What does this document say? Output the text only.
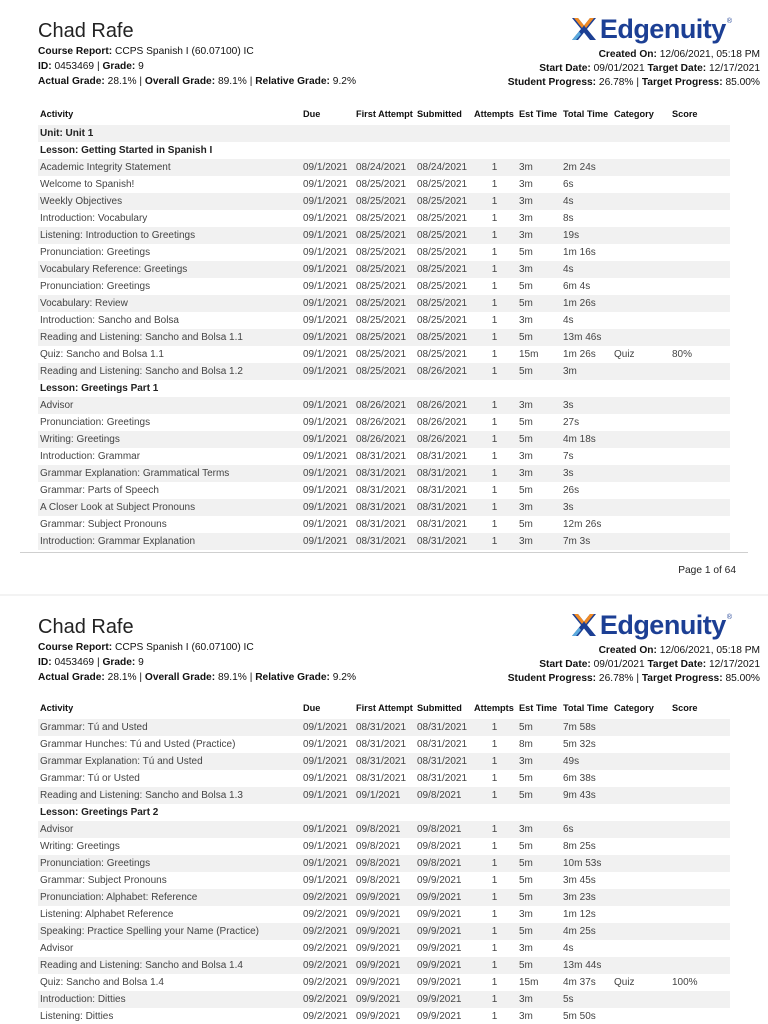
Chad Rafe
Course Report: CCPS Spanish I (60.07100) IC
ID: 0453469 | Grade: 9
Actual Grade: 28.1% | Overall Grade: 89.1% | Relative Grade: 9.2%
Edgenuity ®
Created On: 12/06/2021, 05:18 PM
Start Date: 09/01/2021 Target Date: 12/17/2021
Student Progress: 26.78% | Target Progress: 85.00%
Activity	Due	First Attempt	Submitted	Attempts	Est Time	Total Time	Category	Score
Unit: Unit 1								
Lesson: Getting Started in Spanish I								
Academic Integrity Statement	09/1/2021	08/24/2021	08/24/2021	1	3m	2m 24s		
Welcome to Spanish!	09/1/2021	08/25/2021	08/25/2021	1	3m	6s		
Weekly Objectives	09/1/2021	08/25/2021	08/25/2021	1	3m	4s		
Introduction: Vocabulary	09/1/2021	08/25/2021	08/25/2021	1	3m	8s		
Listening: Introduction to Greetings	09/1/2021	08/25/2021	08/25/2021	1	3m	19s		
Pronunciation: Greetings	09/1/2021	08/25/2021	08/25/2021	1	5m	1m 16s		
Vocabulary Reference: Greetings	09/1/2021	08/25/2021	08/25/2021	1	3m	4s		
Pronunciation: Greetings	09/1/2021	08/25/2021	08/25/2021	1	5m	6m 4s		
Vocabulary: Review	09/1/2021	08/25/2021	08/25/2021	1	5m	1m 26s		
Introduction: Sancho and Bolsa	09/1/2021	08/25/2021	08/25/2021	1	3m	4s		
Reading and Listening: Sancho and Bolsa 1.1	09/1/2021	08/25/2021	08/25/2021	1	5m	13m 46s		
Quiz: Sancho and Bolsa 1.1	09/1/2021	08/25/2021	08/25/2021	1	15m	1m 26s	Quiz	80%
Reading and Listening: Sancho and Bolsa 1.2	09/1/2021	08/25/2021	08/26/2021	1	5m	3m		
Lesson: Greetings Part 1								
Advisor	09/1/2021	08/26/2021	08/26/2021	1	3m	3s		
Pronunciation: Greetings	09/1/2021	08/26/2021	08/26/2021	1	5m	27s		
Writing: Greetings	09/1/2021	08/26/2021	08/26/2021	1	5m	4m 18s		
Introduction: Grammar	09/1/2021	08/31/2021	08/31/2021	1	3m	7s		
Grammar Explanation: Grammatical Terms	09/1/2021	08/31/2021	08/31/2021	1	3m	3s		
Grammar: Parts of Speech	09/1/2021	08/31/2021	08/31/2021	1	5m	26s		
A Closer Look at Subject Pronouns	09/1/2021	08/31/2021	08/31/2021	1	3m	3s		
Grammar: Subject Pronouns	09/1/2021	08/31/2021	08/31/2021	1	5m	12m 26s		
Introduction: Grammar Explanation	09/1/2021	08/31/2021	08/31/2021	1	3m	7m 3s		
Page 1 of 64
Chad Rafe
Course Report: CCPS Spanish I (60.07100) IC
ID: 0453469 | Grade: 9
Actual Grade: 28.1% | Overall Grade: 89.1% | Relative Grade: 9.2%
Edgenuity ®
Created On: 12/06/2021, 05:18 PM
Start Date: 09/01/2021 Target Date: 12/17/2021
Student Progress: 26.78% | Target Progress: 85.00%
Activity	Due	First Attempt	Submitted	Attempts	Est Time	Total Time	Category	Score
Grammar: Tú and Usted	09/1/2021	08/31/2021	08/31/2021	1	5m	7m 58s		
Grammar Hunches: Tú and Usted (Practice)	09/1/2021	08/31/2021	08/31/2021	1	8m	5m 32s		
Grammar Explanation: Tú and Usted	09/1/2021	08/31/2021	08/31/2021	1	3m	49s		
Grammar: Tú or Usted	09/1/2021	08/31/2021	08/31/2021	1	5m	6m 38s		
Reading and Listening: Sancho and Bolsa 1.3	09/1/2021	09/1/2021	09/8/2021	1	5m	9m 43s		
Lesson: Greetings Part 2								
Advisor	09/1/2021	09/8/2021	09/8/2021	1	3m	6s		
Writing: Greetings	09/1/2021	09/8/2021	09/8/2021	1	5m	8m 25s		
Pronunciation: Greetings	09/1/2021	09/8/2021	09/8/2021	1	5m	10m 53s		
Grammar: Subject Pronouns	09/1/2021	09/8/2021	09/9/2021	1	5m	3m 45s		
Pronunciation: Alphabet: Reference	09/2/2021	09/9/2021	09/9/2021	1	5m	3m 23s		
Listening: Alphabet Reference	09/2/2021	09/9/2021	09/9/2021	1	3m	1m 12s		
Speaking: Practice Spelling your Name (Practice)	09/2/2021	09/9/2021	09/9/2021	1	5m	4m 25s		
Advisor	09/2/2021	09/9/2021	09/9/2021	1	3m	4s		
Reading and Listening: Sancho and Bolsa 1.4	09/2/2021	09/9/2021	09/9/2021	1	5m	13m 44s		
Quiz: Sancho and Bolsa 1.4	09/2/2021	09/9/2021	09/9/2021	1	15m	4m 37s	Quiz	100%
Introduction: Ditties	09/2/2021	09/9/2021	09/9/2021	1	3m	5s		
Listening: Ditties	09/2/2021	09/9/2021	09/9/2021	1	3m	5m 50s		
